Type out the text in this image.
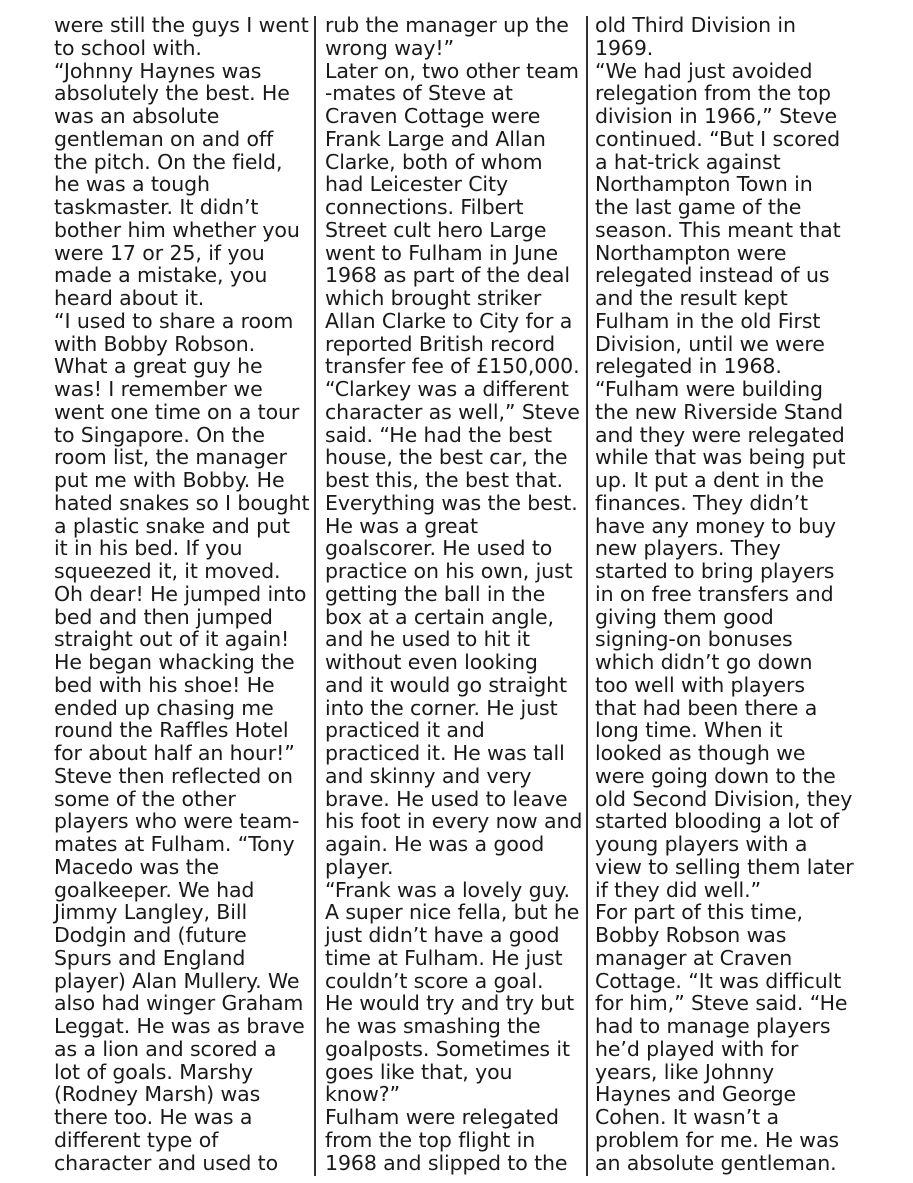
were still the guys I went
to school with.
“Johnny Haynes was
absolutely the best. He
was an absolute
gentleman on and off
the pitch. On the field,
he was a tough
taskmaster. It didn’t
bother him whether you
were 17 or 25, if you
made a mistake, you
heard about it.
“I used to share a room
with Bobby Robson.
What a great guy he
was! I remember we
went one time on a tour
to Singapore. On the
room list, the manager
put me with Bobby. He
hated snakes so I bought
a plastic snake and put
it in his bed. If you
squeezed it, it moved.
Oh dear! He jumped into
bed and then jumped
straight out of it again!
He began whacking the
bed with his shoe! He
ended up chasing me
round the Raffles Hotel
for about half an hour!”
Steve then reflected on
some of the other
players who were team-
mates at Fulham. “Tony
Macedo was the
goalkeeper. We had
Jimmy Langley, Bill
Dodgin and (future
Spurs and England
player) Alan Mullery. We
also had winger Graham
Leggat. He was as brave
as a lion and scored a
lot of goals. Marshy
(Rodney Marsh) was
there too. He was a
different type of
character and used to
rub the manager up the
wrong way!”
Later on, two other team
-mates of Steve at
Craven Cottage were
Frank Large and Allan
Clarke, both of whom
had Leicester City
connections. Filbert
Street cult hero Large
went to Fulham in June
1968 as part of the deal
which brought striker
Allan Clarke to City for a
reported British record
transfer fee of £150,000.
“Clarkey was a different
character as well,” Steve
said. “He had the best
house, the best car, the
best this, the best that.
Everything was the best.
He was a great
goalscorer. He used to
practice on his own, just
getting the ball in the
box at a certain angle,
and he used to hit it
without even looking
and it would go straight
into the corner. He just
practiced it and
practiced it. He was tall
and skinny and very
brave. He used to leave
his foot in every now and
again. He was a good
player.
“Frank was a lovely guy.
A super nice fella, but he
just didn’t have a good
time at Fulham. He just
couldn’t score a goal.
He would try and try but
he was smashing the
goalposts. Sometimes it
goes like that, you
know?”
Fulham were relegated
from the top flight in
1968 and slipped to the
old Third Division in
1969.
“We had just avoided
relegation from the top
division in 1966,” Steve
continued. “But I scored
a hat-trick against
Northampton Town in
the last game of the
season. This meant that
Northampton were
relegated instead of us
and the result kept
Fulham in the old First
Division, until we were
relegated in 1968.
“Fulham were building
the new Riverside Stand
and they were relegated
while that was being put
up. It put a dent in the
finances. They didn’t
have any money to buy
new players. They
started to bring players
in on free transfers and
giving them good
signing-on bonuses
which didn’t go down
too well with players
that had been there a
long time. When it
looked as though we
were going down to the
old Second Division, they
started blooding a lot of
young players with a
view to selling them later
if they did well.”
For part of this time,
Bobby Robson was
manager at Craven
Cottage. “It was difficult
for him,” Steve said. “He
had to manage players
he’d played with for
years, like Johnny
Haynes and George
Cohen. It wasn’t a
problem for me. He was
an absolute gentleman.
